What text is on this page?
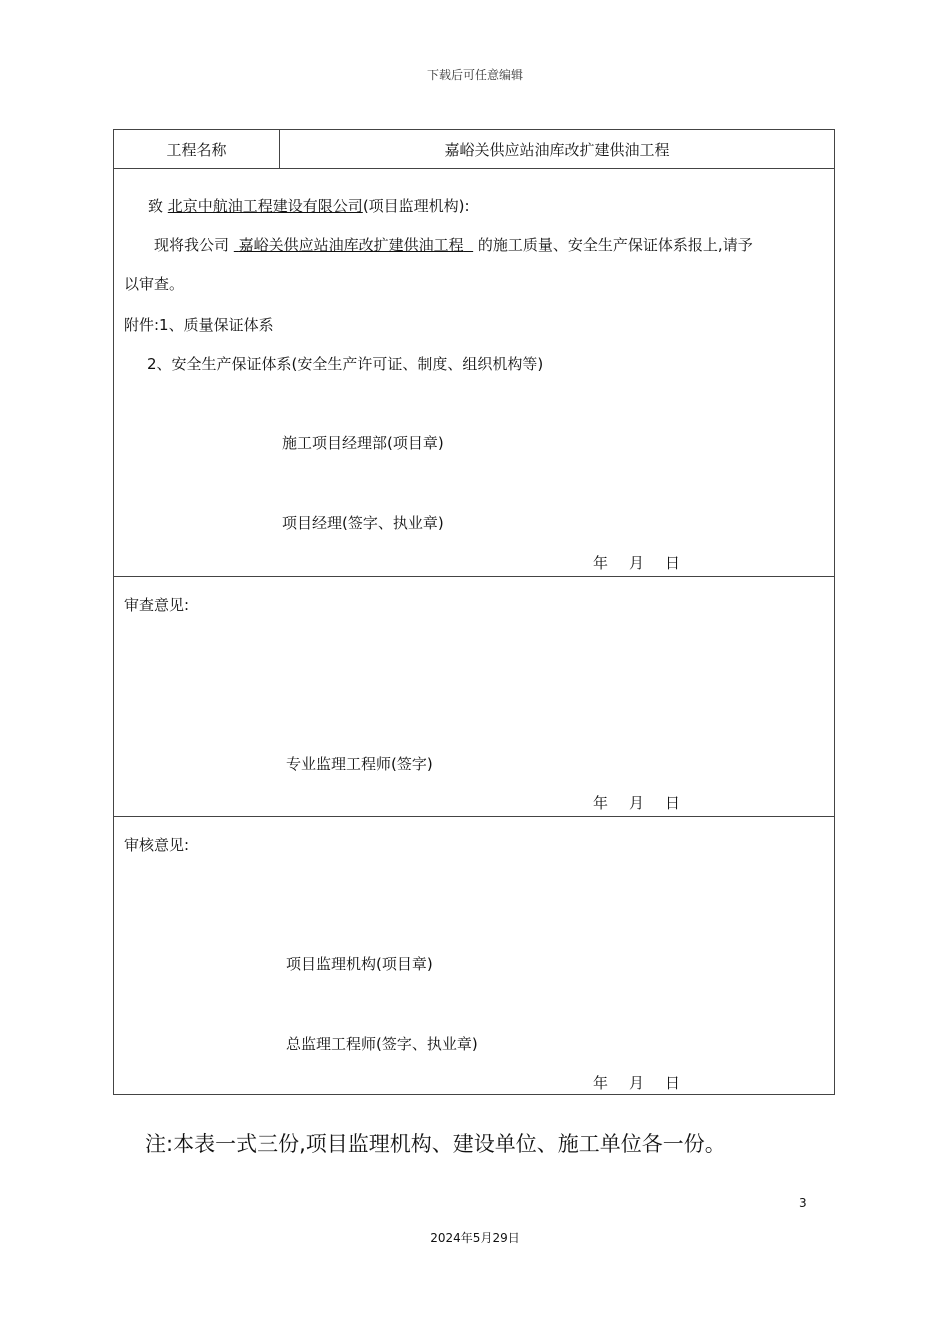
下载后可任意编辑
工程名称	嘉峪关供应站油库改扩建供油工程
致 北京中航油工程建设有限公司(项目监理机构):
现将我公司 嘉峪关供应站油库改扩建供油工程 的施工质量、安全生产保证体系报上,请予
以审查。
附件:1、质量保证体系
2、安全生产保证体系(安全生产许可证、制度、组织机构等)
施工项目经理部(项目章)
项目经理(签字、执业章)
年 月 日
审查意见:
专业监理工程师(签字)
年 月 日
审核意见:
项目监理机构(项目章)
总监理工程师(签字、执业章)
年 月 日
注:本表一式三份,项目监理机构、建设单位、施工单位各一份。
3
2024年5月29日
